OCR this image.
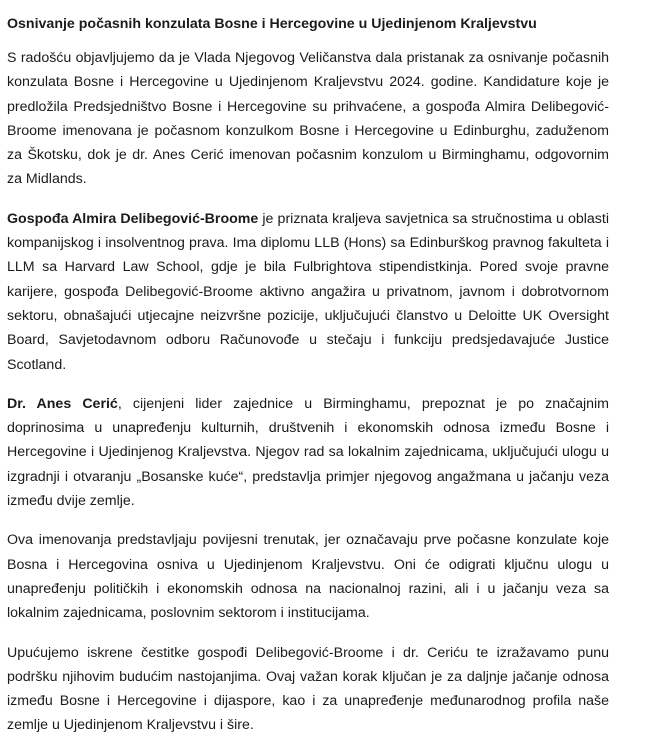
Osnivanje počasnih konzulata Bosne i Hercegovine u Ujedinjenom Kraljevstvu

S radošću objavljujemo da je Vlada Njegovog Veličanstva dala pristanak za osnivanje počasnih konzulata Bosne i Hercegovine u Ujedinjenom Kraljevstvu 2024. godine. Kandidature koje je predložila Predsjedništvo Bosne i Hercegovine su prihvaćene, a gospođa Almira Delibegović-Broome imenovana je počasnom konzulkom Bosne i Hercegovine u Edinburghu, zaduženom za Škotsku, dok je dr. Anes Cerić imenovan počasnim konzulom u Birminghamu, odgovornim za Midlands.

Gospođa Almira Delibegović-Broome je priznata kraljeva savjetnica sa stručnostima u oblasti kompanijskog i insolventnog prava. Ima diplomu LLB (Hons) sa Edinburškog pravnog fakulteta i LLM sa Harvard Law School, gdje je bila Fulbrightova stipendistkinja. Pored svoje pravne karijere, gospođa Delibegović-Broome aktivno angažira u privatnom, javnom i dobrotvornom sektoru, obnašajući utjecajne neizvršne pozicije, uključujući članstvo u Deloitte UK Oversight Board, Savjetodavnom odboru Računovođe u stečaju i funkciju predsjedavajuće Justice Scotland.

Dr. Anes Cerić, cijenjeni lider zajednice u Birminghamu, prepoznat je po značajnim doprinosima u unapređenju kulturnih, društvenih i ekonomskih odnosa između Bosne i Hercegovine i Ujedinjenog Kraljevstva. Njegov rad sa lokalnim zajednicama, uključujući ulogu u izgradnji i otvaranju „Bosanske kuće“, predstavlja primjer njegovog angažmana u jačanju veza između dvije zemlje.

Ova imenovanja predstavljaju povijesni trenutak, jer označavaju prve počasne konzulate koje Bosna i Hercegovina osniva u Ujedinjenom Kraljevstvu. Oni će odigrati ključnu ulogu u unapređenju političkih i ekonomskih odnosa na nacionalnoj razini, ali i u jačanju veza sa lokalnim zajednicama, poslovnim sektorom i institucijama.

Upućujemo iskrene čestitke gospođi Delibegović-Broome i dr. Ceriću te izražavamo punu podršku njihovim budućim nastojanjima. Ovaj važan korak ključan je za daljnje jačanje odnosa između Bosne i Hercegovine i dijaspore, kao i za unapređenje međunarodnog profila naše zemlje u Ujedinjenom Kraljevstvu i šire.
